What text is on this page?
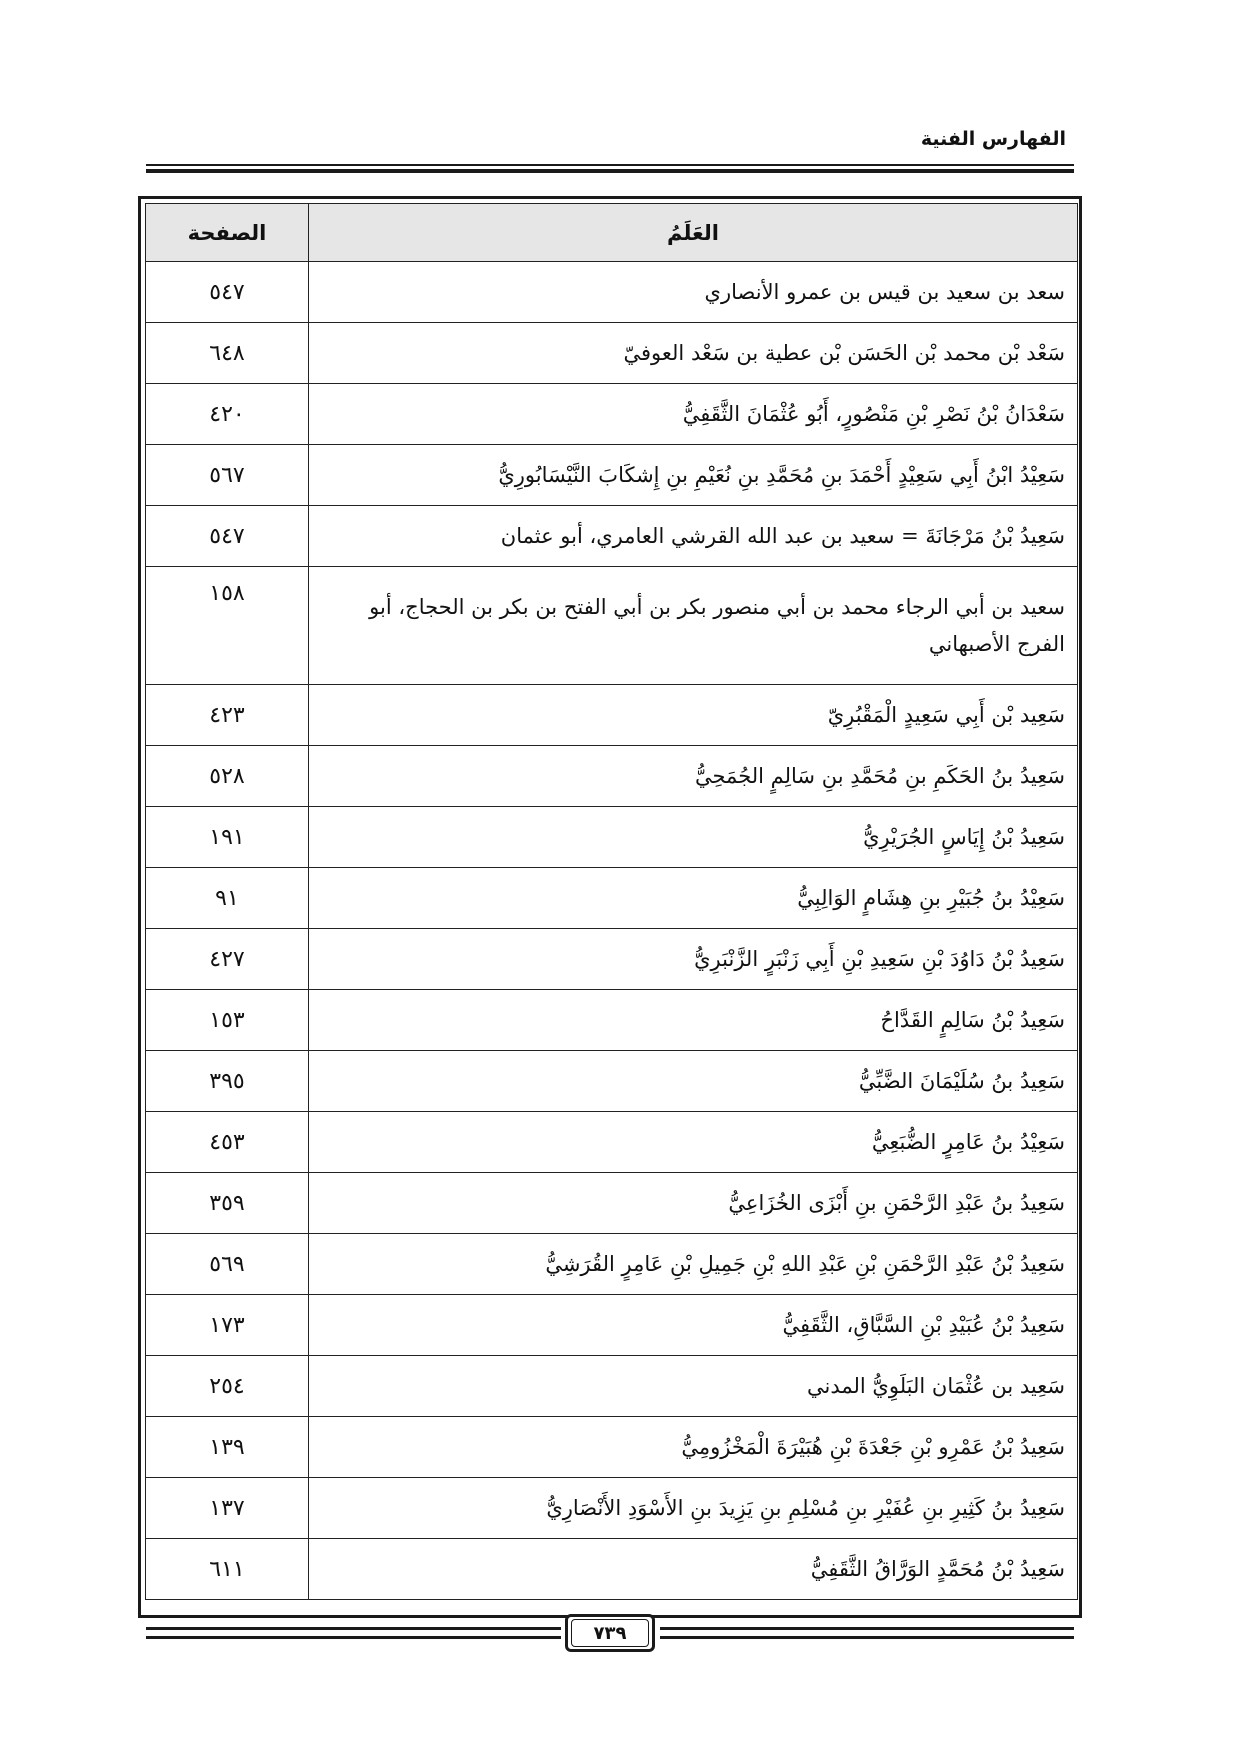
الفهارس الفنية
العَلَمُ	الصفحة
سعد بن سعيد بن قيس بن عمرو الأنصاري	٥٤٧
سَعْد بْن محمد بْن الحَسَن بْن عطية بن سَعْد العوفيّ	٦٤٨
سَعْدَانُ بْنُ نَصْرِ بْنِ مَنْصُورٍ، أَبُو عُثْمَانَ الثَّقَفِيُّ	٤٢٠
سَعِيْدُ ابْنُ أَبِي سَعِيْدٍ أَحْمَدَ بنِ مُحَمَّدِ بنِ نُعَيْمِ بنِ إِشكَابَ النَّيْسَابُورِيُّ	٥٦٧
سَعِيدُ بْنُ مَرْجَانَةَ = سعيد بن عبد الله القرشي العامري، أبو عثمان	٥٤٧
سعيد بن أبي الرجاء محمد بن أبي منصور بكر بن أبي الفتح بن بكر بن الحجاج، أبو الفرج الأصبهاني	١٥٨
سَعِيد بْن أَبِي سَعِيدٍ الْمَقْبُرِيّ	٤٢٣
سَعِيدُ بنُ الحَكَمِ بنِ مُحَمَّدِ بنِ سَالِمٍ الجُمَحِيُّ	٥٢٨
سَعِيدُ بْنُ إِيَاسٍ الجُرَيْرِيُّ	١٩١
سَعِيْدُ بنُ جُبَيْرِ بنِ هِشَامٍ الوَالِبِيُّ	٩١
سَعِيدُ بْنُ دَاوُدَ بْنِ سَعِيدِ بْنِ أَبِي زَنْبَرٍ الزَّنْبَرِيُّ	٤٢٧
سَعِيدُ بْنُ سَالِمٍ القَدَّاحُ	١٥٣
سَعِيدُ بنُ سُلَيْمَانَ الضَّبِّيُّ	٣٩٥
سَعِيْدُ بنُ عَامِرٍ الضُّبَعِيُّ	٤٥٣
سَعِيدُ بنُ عَبْدِ الرَّحْمَنِ بنِ أَبْزَى الخُزَاعِيُّ	٣٥٩
سَعِيدُ بْنُ عَبْدِ الرَّحْمَنِ بْنِ عَبْدِ اللهِ بْنِ جَمِيلِ بْنِ عَامِرٍ القُرَشِيُّ	٥٦٩
سَعِيدُ بْنُ عُبَيْدِ بْنِ السَّبَّاقِ، الثَّقَفِيُّ	١٧٣
سَعِيد بن عُثْمَان البَلَوِيُّ المدني	٢٥٤
سَعِيدُ بْنُ عَمْرِو بْنِ جَعْدَةَ بْنِ هُبَيْرَةَ الْمَخْزُومِيُّ	١٣٩
سَعِيدُ بنُ كَثِيرِ بنِ عُفَيْرِ بنِ مُسْلِمِ بنِ يَزِيدَ بنِ الأَسْوَدِ الأَنْصَارِيُّ	١٣٧
سَعِيدُ بْنُ مُحَمَّدٍ الوَرَّاقُ الثَّقَفِيُّ	٦١١
٧٣٩
